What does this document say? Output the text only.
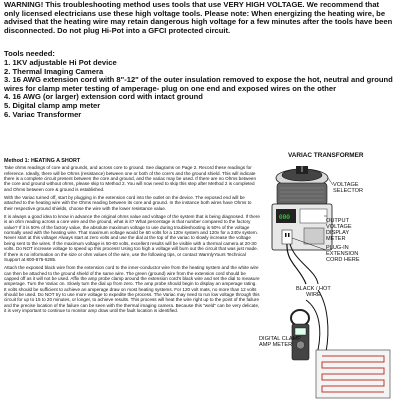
WARNING! This troubleshooting method uses tools that use VERY HIGH VOLTAGE. We recommend that only licensed electricians use these high voltage tools. Please note: When energizing the heating wire, be advised that the heating wire may retain dangerous high voltage for a few minutes after the tools have been disconnected. Do not plug Hi-Pot into a GFCI protected circuit.
Tools needed:
1. 1KV adjustable Hi Pot device
2. Thermal Imaging Camera
3. 16 AWG extension cord with 8"-12" of the outer insulation removed to expose the hot, neutral and ground wires for clamp meter testing of amperage- plug on one end and exposed wires on the other
4. 16 AWG (or larger) extension cord with intact ground
5. Digital clamp amp meter
6. Variac Transformer
Method 1: HEATING A SHORT

Take ohms readings of core and grounds, and across core to ground. See diagrams on Page 2. Record these readings for reference. Ideally, there will be Ohms (resistance) between one or both of the core's and the ground shield. This will indicate there is a complete circuit present between the core and ground, and the variac may be used. If there are no Ohms between the core and ground without ohms, please skip to Method 2. You will now need to skip this step after Method 2 is completed and Ohms between core & ground is established.

With the Variac turned off, start by plugging in the extension cord into the outlet on the device. The exposed end will be attached to the heating wire with the Ohms reading between its core and ground. In the instance both wires have Ohms to their respective ground shields, choose the wire with the lower resistance value.

It is always a good idea to know in advance the original ohms value and voltage of the system that is being diagnosed. If there is an ohm reading across a core wire and the ground, what is it? What percentage is that number compared to the factory value? If it is 50% of the factory value, the absolute maximum voltage to use during troubleshooting is 50% of the voltage normally used with the heating wire. That maximum voltage would be 60 volts for a 120v system and 120v for a 240v system. Never start at this voltage! Always start at zero volts and use the dial at the top of the variac to slowly increase the voltage being sent to the wires. If the maximum voltage is 50-60 volts, excellent results will be visible with a thermal camera at 20-30 volts. Do NOT increase voltage to speed up this process! Using too high a voltage will burn out the circuit that was just made. If there is no information on the size or ohm values of the wire, use the following tips, or contact WarmlyYours Technical Support at 800-875-5285.

Attach the exposed black wire from the extension cord to the inner-conductor wire from the heating system and the white wire can then be attached to the ground shield of the same wire. The green (ground) wire from the extension cord should be capped off as it will not be used. Affix the amp probe clamp around the extension cord's black wire and set the dial to measure amperage. Turn the Variac on. Slowly turn the dial up from zero. The amp probe should begin to display an amperage rating. It volts should be sufficient to achieve an amperage draw on most heating systems. For 120 volt mats, no more than 12 volts should be used. Do NOT try to use more voltage to expedite the process. The Variac may need to run low voltage through this circuit for up to 15 to 20 minutes, or longer, to achieve results. This process will heat the wire right up to the point of the failure and the precise location of the failure can be seen with the thermal imaging camera. Because this "weld" can be very delicate, it is very important to continue to monitor amp draw until the fault location is identified.

VARIAC TRANSFORMER
000
VOLTAGE
SELECTOR
OUTPUT
VOLTAGE
DISPLAY
METER
PLUG-IN
EXTENSION
CORD HERE
BLACK / HOT
WIRE
DIGITAL CLAMP
AMP METER
